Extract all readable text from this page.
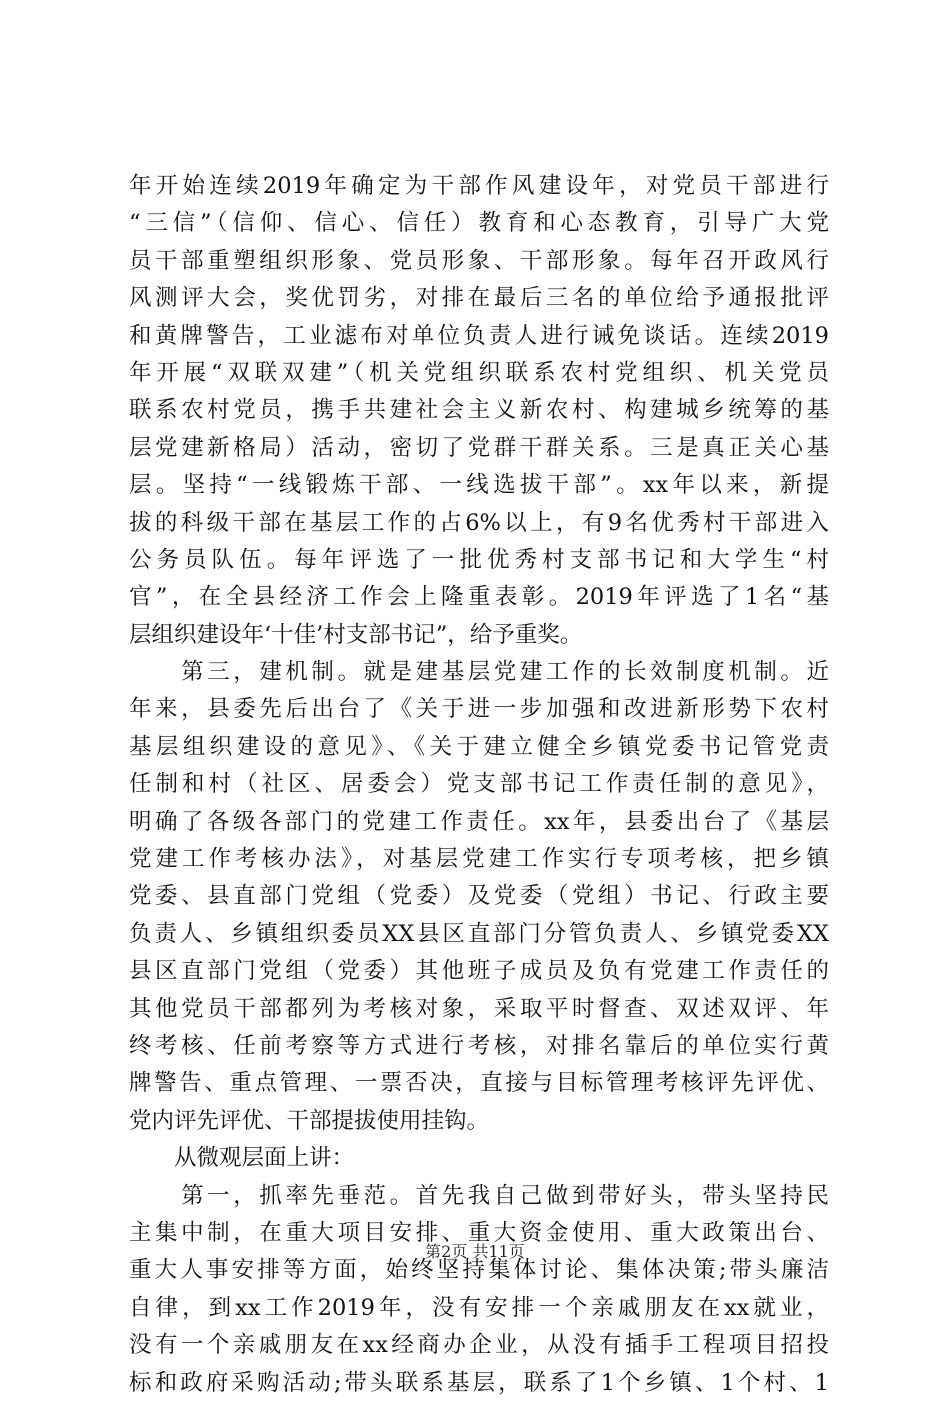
年开始连续2019年确定为干部作风建设年，对党员干部进行
“三信”（信仰、信心、信任）教育和心态教育，引导广大党
员干部重塑组织形象、党员形象、干部形象。每年召开政风行
风测评大会，奖优罚劣，对排在最后三名的单位给予通报批评
和黄牌警告，工业滤布对单位负责人进行诫免谈话。连续2019
年开展“双联双建”（机关党组织联系农村党组织、机关党员
联系农村党员，携手共建社会主义新农村、构建城乡统筹的基
层党建新格局）活动，密切了党群干群关系。三是真正关心基
层。坚持“一线锻炼干部、一线选拔干部”。xx年以来，新提
拔的科级干部在基层工作的占6%以上，有9名优秀村干部进入
公务员队伍。每年评选了一批优秀村支部书记和大学生“村
官”，在全县经济工作会上隆重表彰。2019年评选了1名“基
层组织建设年‘十佳’村支部书记”，给予重奖。
　　第三，建机制。就是建基层党建工作的长效制度机制。近
年来，县委先后出台了《关于进一步加强和改进新形势下农村
基层组织建设的意见》、《关于建立健全乡镇党委书记管党责
任制和村（社区、居委会）党支部书记工作责任制的意见》，
明确了各级各部门的党建工作责任。xx年，县委出台了《基层
党建工作考核办法》，对基层党建工作实行专项考核，把乡镇
党委、县直部门党组（党委）及党委（党组）书记、行政主要
负责人、乡镇组织委员XX县区直部门分管负责人、乡镇党委XX
县区直部门党组（党委）其他班子成员及负有党建工作责任的
其他党员干部都列为考核对象，采取平时督查、双述双评、年
终考核、任前考察等方式进行考核，对排名靠后的单位实行黄
牌警告、重点管理、一票否决，直接与目标管理考核评先评优、
党内评先评优、干部提拔使用挂钩。
　　从微观层面上讲：
　　第一，抓率先垂范。首先我自己做到带好头，带头坚持民
主集中制，在重大项目安排、重大资金使用、重大政策出台、
重大人事安排等方面，始终坚持集体讨论、集体决策;带头廉洁
自律，到xx工作2019年，没有安排一个亲戚朋友在xx就业，
没有一个亲戚朋友在xx经商办企业，从没有插手工程项目招投
标和政府采购活动;带头联系基层，联系了1个乡镇、1个村、1
第2页 共11页
